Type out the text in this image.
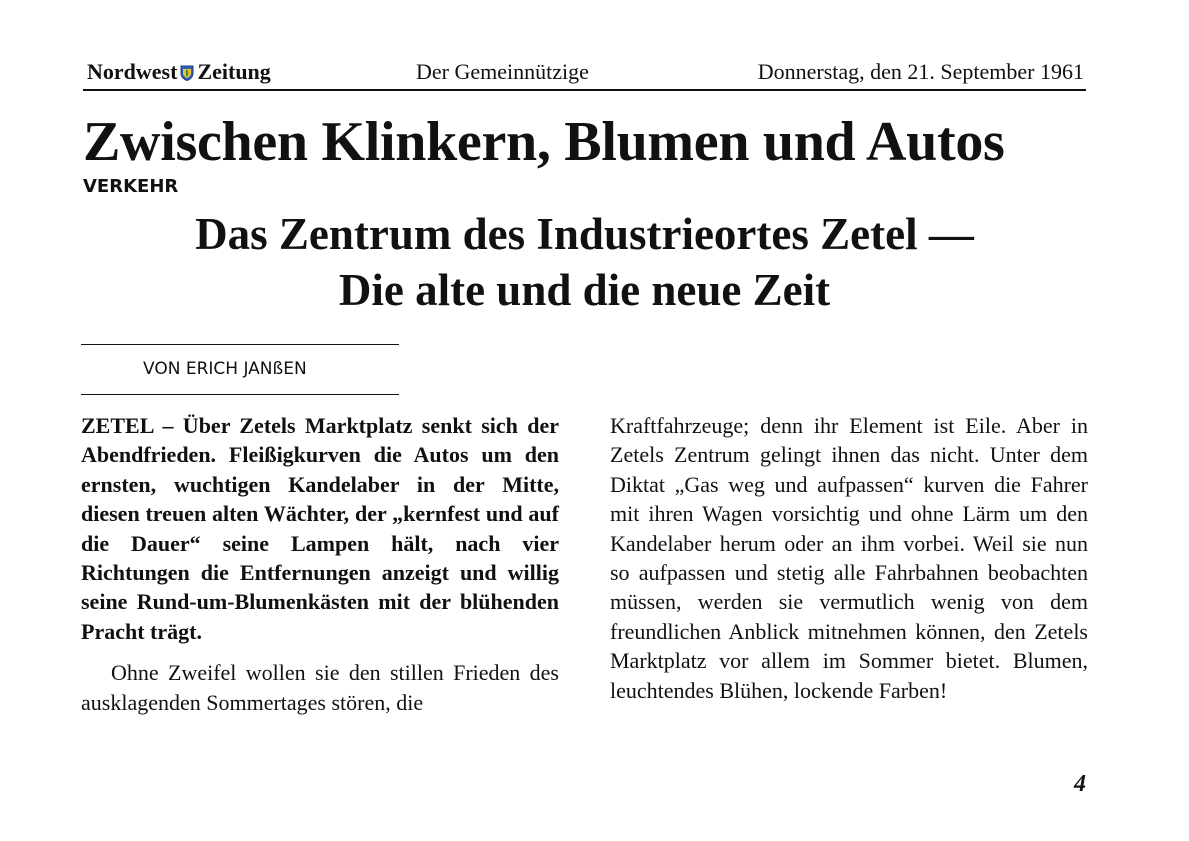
Nordwest Zeitung	Der Gemeinnützige	Donnerstag, den 21. September 1961
Zwischen Klinkern, Blumen und Autos
VERKEHR
Das Zentrum des Industrieortes Zetel —
Die alte und die neue Zeit
VON ERICH JANßEN

ZETEL – Über Zetels Marktplatz senkt sich der Abendfrieden. Fleißigkurven die Autos um den ernsten, wuchtigen Kandelaber in der Mitte, diesen treuen alten Wächter, der „kernfest und auf die Dauer“ seine Lampen hält, nach vier Richtungen die Entfernungen anzeigt und willig seine Rund-um-Blumenkästen mit der blühenden Pracht trägt.

Ohne Zweifel wollen sie den stillen Frieden des ausklagenden Sommertages stören, die

Kraftfahrzeuge; denn ihr Element ist Eile. Aber in Zetels Zentrum gelingt ihnen das nicht. Unter dem Diktat „Gas weg und aufpassen“ kurven die Fahrer mit ihren Wagen vorsichtig und ohne Lärm um den Kandelaber herum oder an ihm vorbei. Weil sie nun so aufpassen und stetig alle Fahrbahnen beobachten müssen, werden sie vermutlich wenig von dem freundlichen Anblick mitnehmen können, den Zetels Marktplatz vor allem im Sommer bietet. Blumen, leuchtendes Blühen, lockende Farben!

4
